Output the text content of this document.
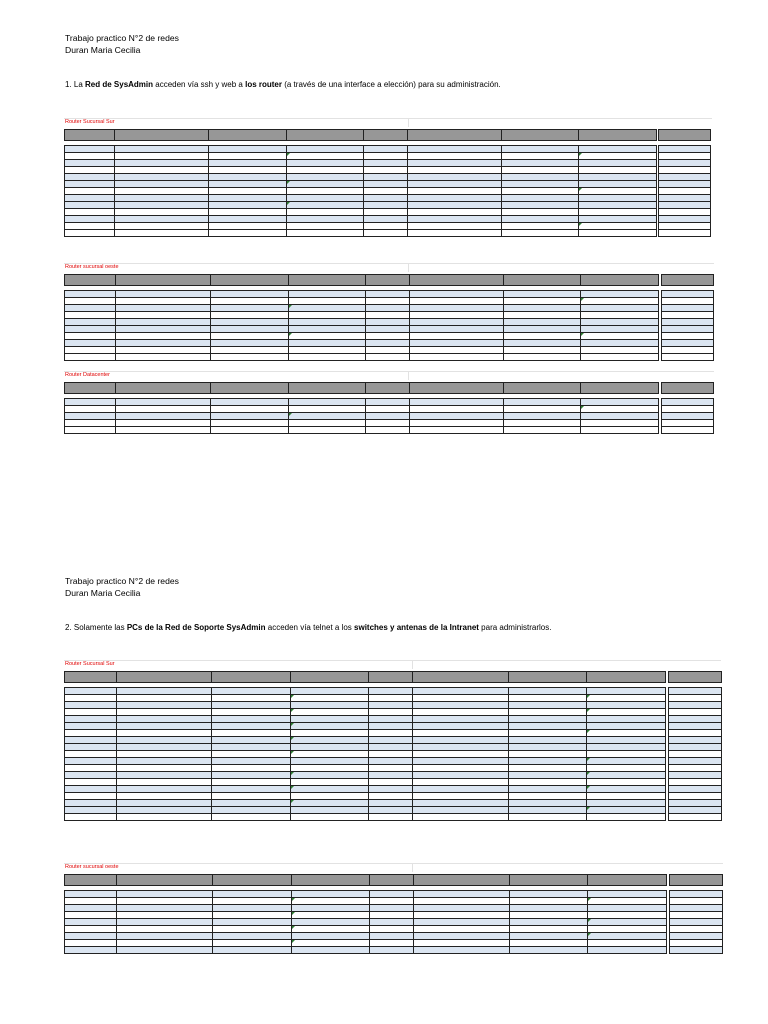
Trabajo practico N°2 de redes
Duran Maria Cecilia
1. La Red de SysAdmin acceden vía ssh y web a los router (a través de una interface a elección) para su administración.
Router Sucursal Sur

Router sucursal oeste

Router Datacenter

Trabajo practico N°2 de redes
Duran Maria Cecilia
2. Solamente las PCs de la Red de Soporte SysAdmin acceden vía telnet a los switches y antenas de la Intranet para administrarlos.
Router Sucursal Sur

Router sucursal oeste
